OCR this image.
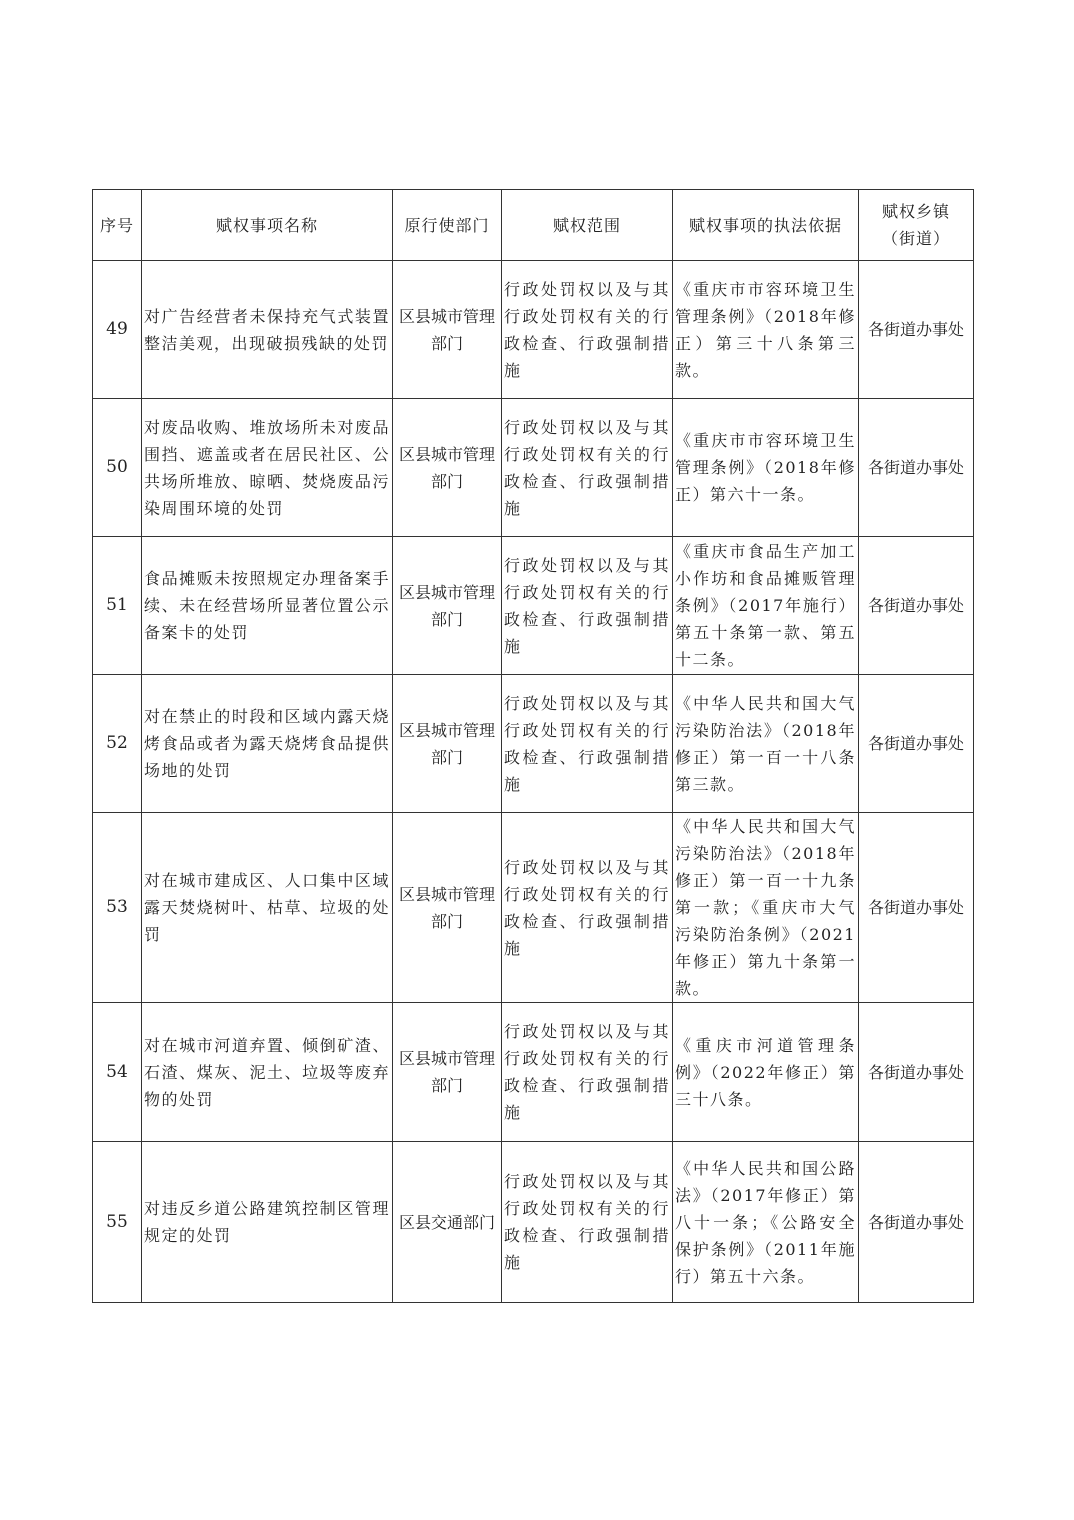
序号	赋权事项名称	原行使部门	赋权范围	赋权事项的执法依据	赋权乡镇
（街道）

49	对广告经营者未保持充气式装置整洁美观，出现破损残缺的处罚	区县城市管理部门	行政处罚权以及与其行政处罚权有关的行政检查、行政强制措施	《重庆市市容环境卫生管理条例》（2018年修正）第三十八条第三款。	各街道办事处
50	对废品收购、堆放场所未对废品围挡、遮盖或者在居民社区、公共场所堆放、晾晒、焚烧废品污染周围环境的处罚	区县城市管理部门	行政处罚权以及与其行政处罚权有关的行政检查、行政强制措施	《重庆市市容环境卫生管理条例》（2018年修正）第六十一条。	各街道办事处
51	食品摊贩未按照规定办理备案手续、未在经营场所显著位置公示备案卡的处罚	区县城市管理部门	行政处罚权以及与其行政处罚权有关的行政检查、行政强制措施	《重庆市食品生产加工小作坊和食品摊贩管理条例》（2017年施行）第五十条第一款、第五十二条。	各街道办事处
52	对在禁止的时段和区域内露天烧烤食品或者为露天烧烤食品提供场地的处罚	区县城市管理部门	行政处罚权以及与其行政处罚权有关的行政检查、行政强制措施	《中华人民共和国大气污染防治法》（2018年修正）第一百一十八条第三款。	各街道办事处
53	对在城市建成区、人口集中区域露天焚烧树叶、枯草、垃圾的处罚	区县城市管理部门	行政处罚权以及与其行政处罚权有关的行政检查、行政强制措施	《中华人民共和国大气污染防治法》（2018年修正）第一百一十九条第一款；《重庆市大气污染防治条例》（2021年修正）第九十条第一款。	各街道办事处
54	对在城市河道弃置、倾倒矿渣、石渣、煤灰、泥土、垃圾等废弃物的处罚	区县城市管理部门	行政处罚权以及与其行政处罚权有关的行政检查、行政强制措施	《重庆市河道管理条例》（2022年修正）第三十八条。	各街道办事处
55	对违反乡道公路建筑控制区管理规定的处罚	区县交通部门	行政处罚权以及与其行政处罚权有关的行政检查、行政强制措施	《中华人民共和国公路法》（2017年修正）第八十一条；《公路安全保护条例》（2011年施行）第五十六条。	各街道办事处
